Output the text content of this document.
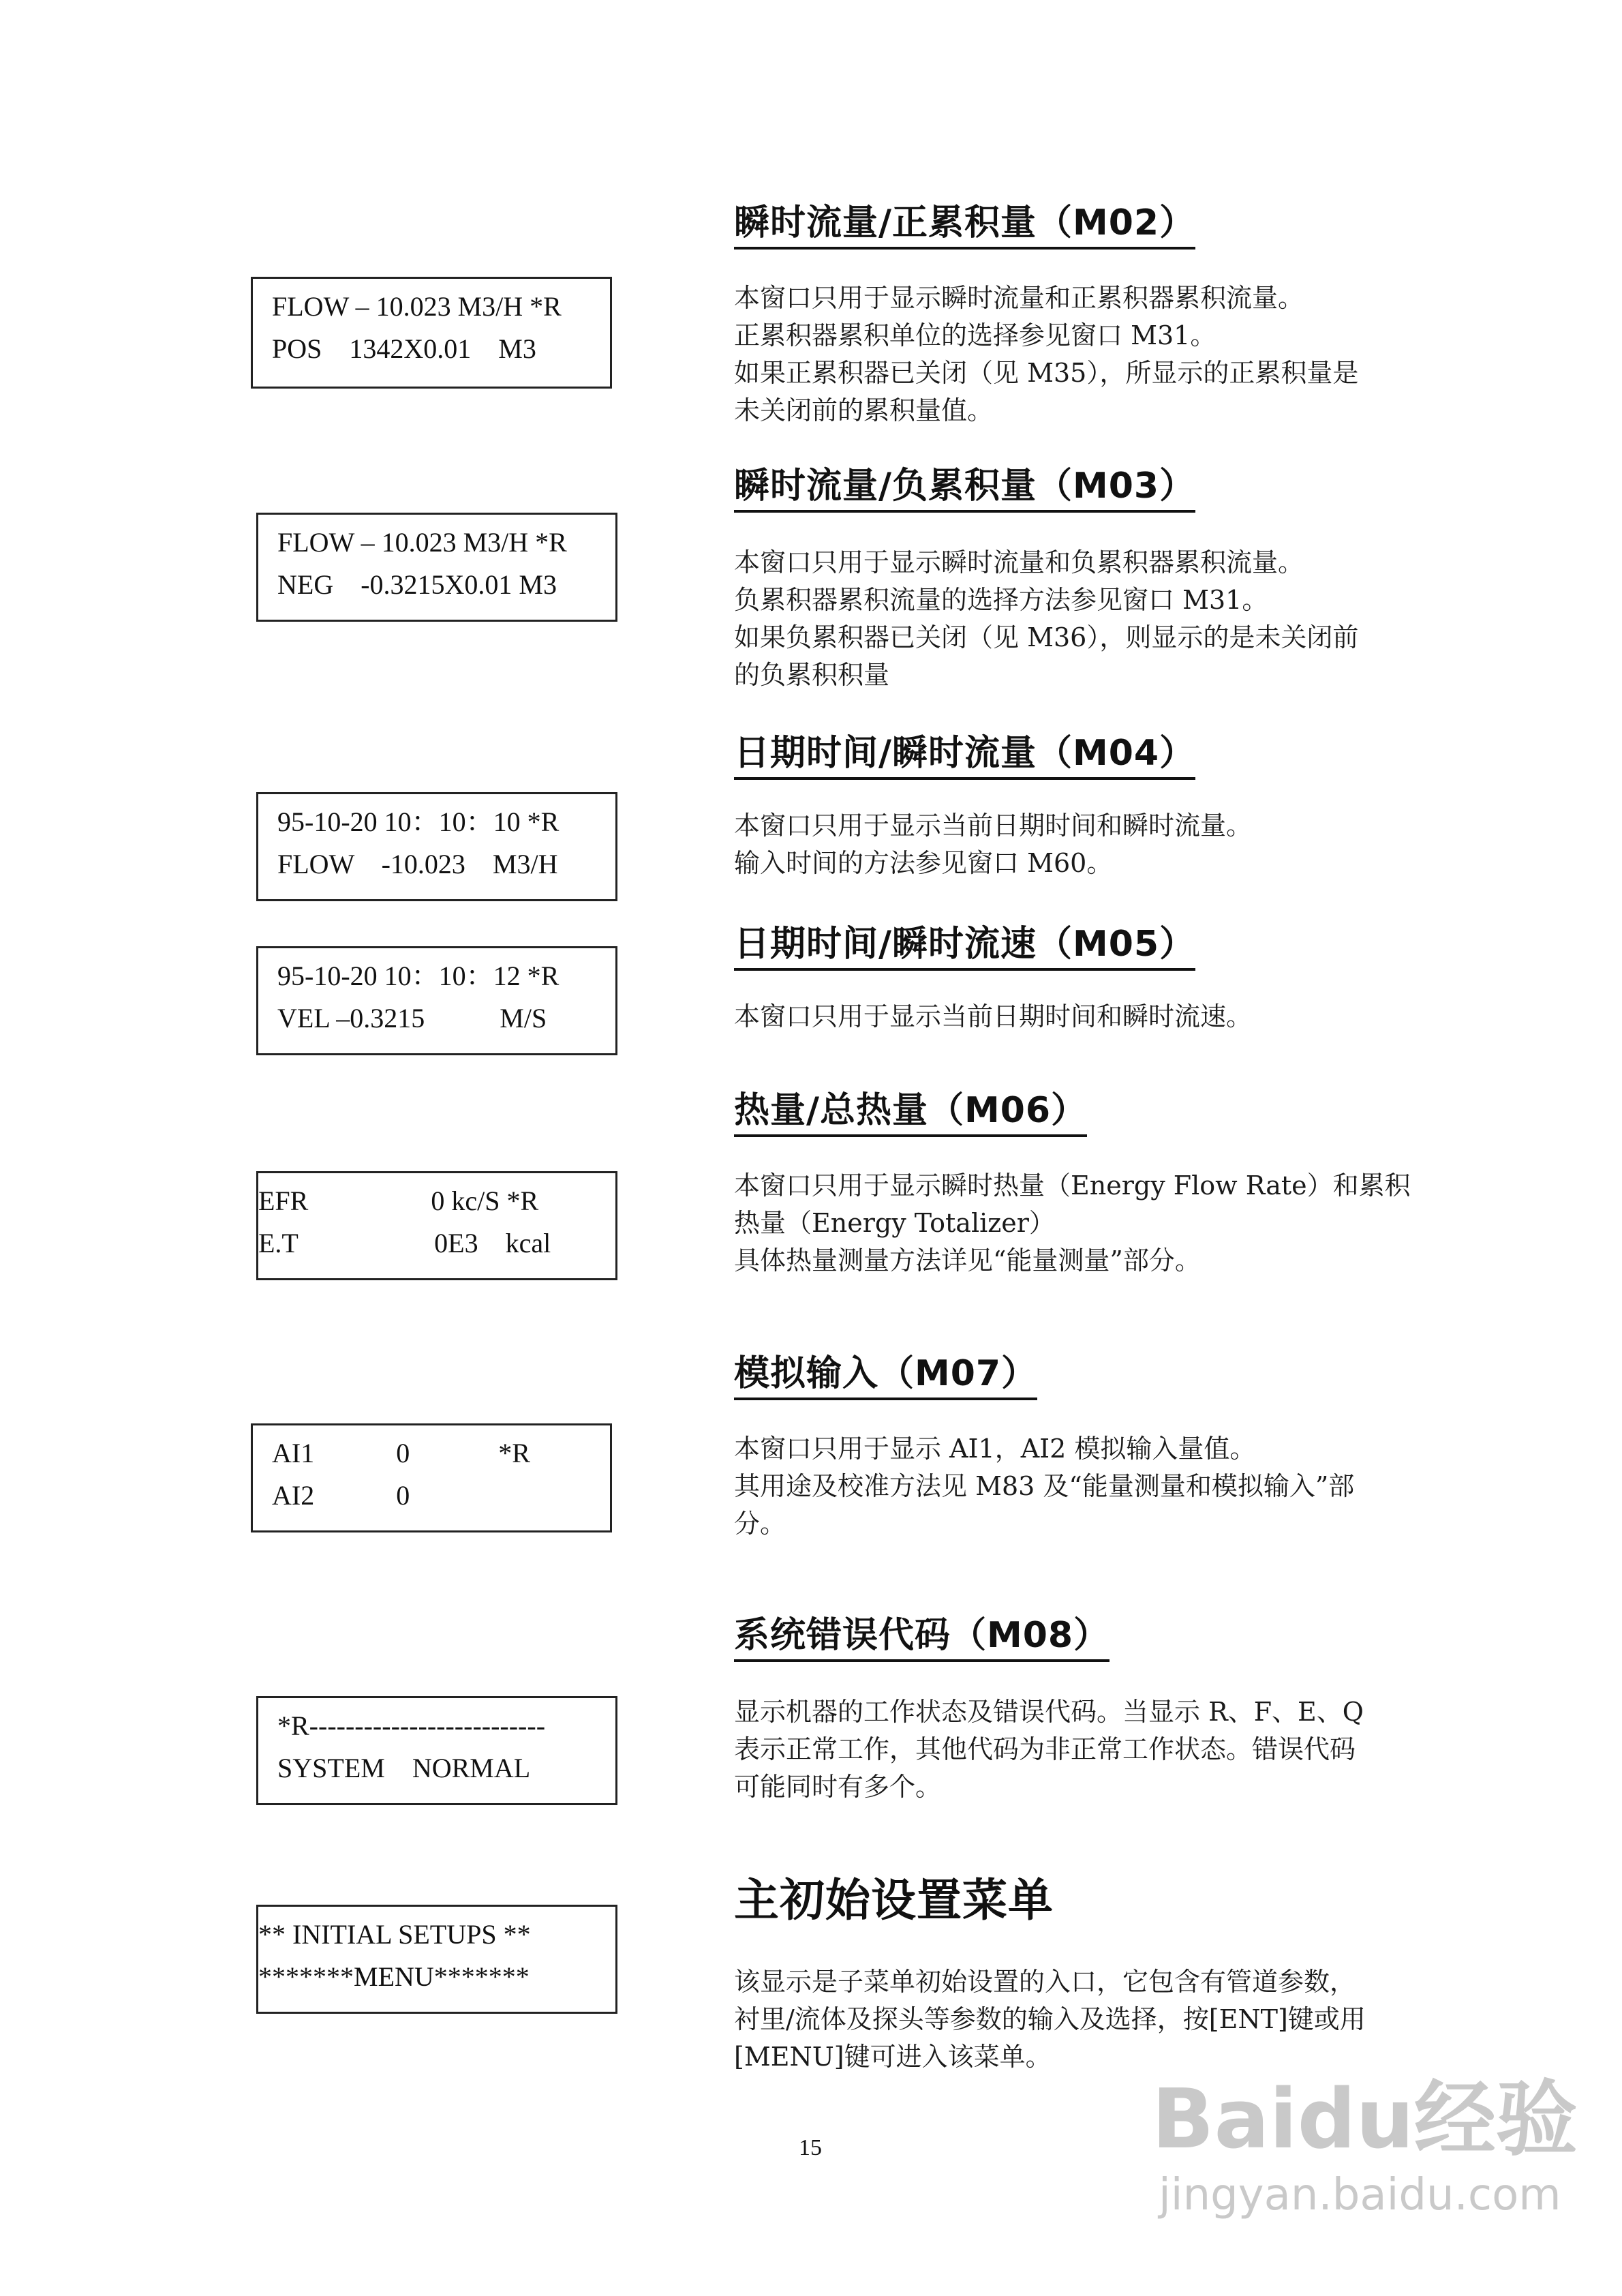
瞬时流量/正累积量（M02）
FLOW – 10.023 M3/H *R
POS    1342X0.01    M3

本窗口只用于显示瞬时流量和正累积器累积流量。

正累积器累积单位的选择参见窗口 M31。

如果正累积器已关闭（见 M35），所显示的正累积量是

未关闭前的累积量值。

瞬时流量/负累积量（M03）
FLOW – 10.023 M3/H *R
NEG    -0.3215X0.01 M3

本窗口只用于显示瞬时流量和负累积器累积流量。

负累积器累积流量的选择方法参见窗口 M31。

如果负累积器已关闭（见 M36），则显示的是未关闭前

的负累积积量

日期时间/瞬时流量（M04）
95-10-20 10：10：10 *R
FLOW    -10.023    M3/H

本窗口只用于显示当前日期时间和瞬时流量。

输入时间的方法参见窗口 M60。

日期时间/瞬时流速（M05）
95-10-20 10：10：12 *R
VEL –0.3215           M/S	本窗口只用于显示当前日期时间和瞬时流速。

热量/总热量（M06）
EFR                  0 kc/S *R
E.T                    0E3    kcal

本窗口只用于显示瞬时热量（Energy Flow Rate）和累积

热量（Energy Totalizer）

具体热量测量方法详见“能量测量”部分。

模拟输入（M07）
AI1            0             *R
AI2            0

本窗口只用于显示 AI1，AI2 模拟输入量值。

其用途及校准方法见 M83 及“能量测量和模拟输入”部

分。

系统错误代码（M08）
*R--------------------------
SYSTEM    NORMAL

显示机器的工作状态及错误代码。当显示 R、F、E、Q

表示正常工作，其他代码为非正常工作状态。错误代码

可能同时有多个。

主初始设置菜单
** INITIAL SETUPS **
*******MENU*******	该显示是子菜单初始设置的入口，它包含有管道参数，

衬里/流体及探头等参数的输入及选择，按[ENT]键或用

[MENU]键可进入该菜单。

15	Baidu经验
jingyan.baidu.com
